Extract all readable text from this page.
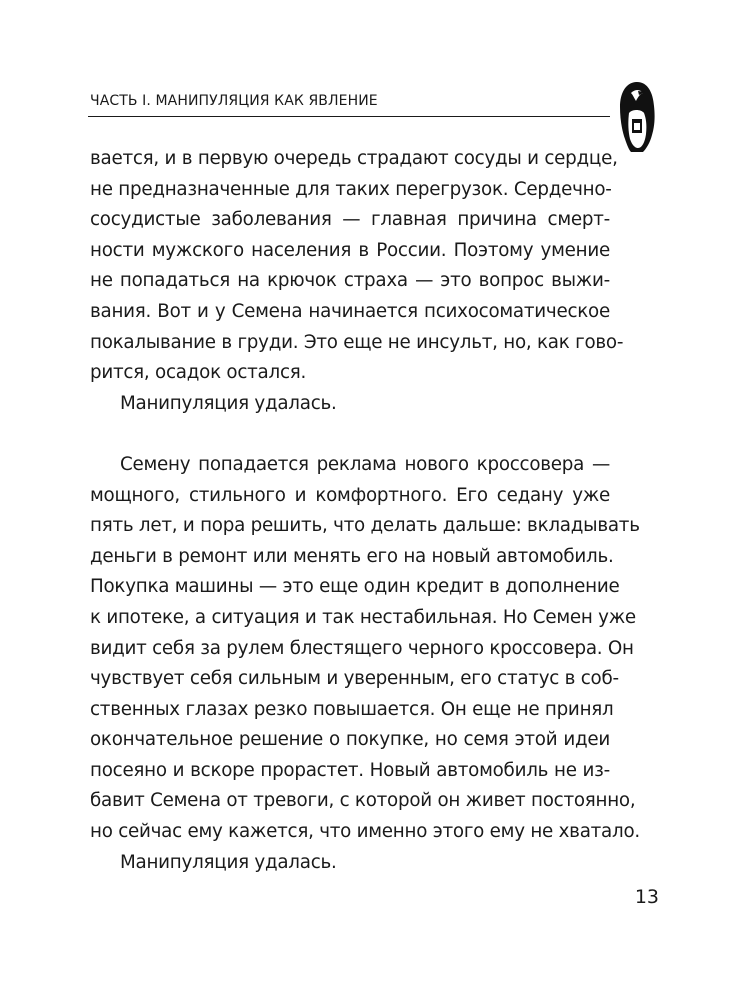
ЧАСТЬ I. МАНИПУЛЯЦИЯ КАК ЯВЛЕНИЕ
вается, и в первую очередь страдают сосуды и сердце,
не предназначенные для таких перегрузок. Сердечно-
сосудистые заболевания — главная причина смерт-
ности мужского населения в России. Поэтому умение
не попадаться на крючок страха — это вопрос выжи-
вания. Вот и у Семена начинается психосоматическое
покалывание в груди. Это еще не инсульт, но, как гово-
рится, осадок остался.
Манипуляция удалась.
Семену попадается реклама нового кроссовера —
мощного, стильного и комфортного. Его седану уже
пять лет, и пора решить, что делать дальше: вкладывать
деньги в ремонт или менять его на новый автомобиль.
Покупка машины — это еще один кредит в дополнение
к ипотеке, а ситуация и так нестабильная. Но Семен уже
видит себя за рулем блестящего черного кроссовера. Он
чувствует себя сильным и уверенным, его статус в соб-
ственных глазах резко повышается. Он еще не принял
окончательное решение о покупке, но семя этой идеи
посеяно и вскоре прорастет. Новый автомобиль не из-
бавит Семена от тревоги, с которой он живет постоянно,
но сейчас ему кажется, что именно этого ему не хватало.
Манипуляция удалась.
13
